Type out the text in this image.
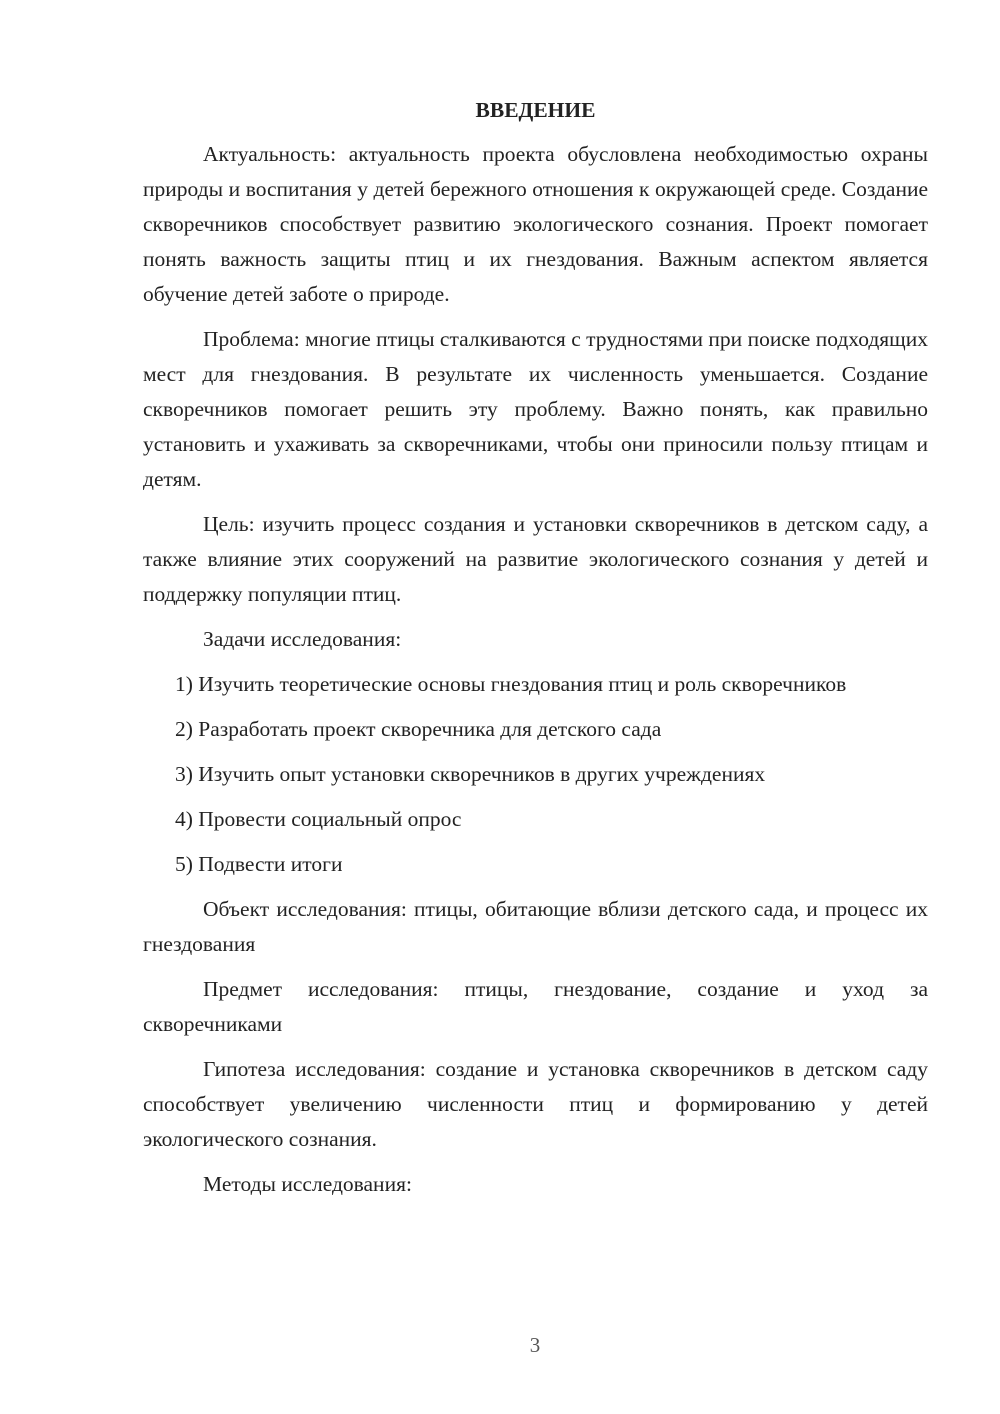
ВВЕДЕНИЕ

Актуальность: актуальность проекта обусловлена необходимостью охраны природы и воспитания у детей бережного отношения к окружающей среде. Создание скворечников способствует развитию экологического сознания. Проект помогает понять важность защиты птиц и их гнездования. Важным аспектом является обучение детей заботе о природе.

Проблема: многие птицы сталкиваются с трудностями при поиске подходящих мест для гнездования. В результате их численность уменьшается. Создание скворечников помогает решить эту проблему. Важно понять, как правильно установить и ухаживать за скворечниками, чтобы они приносили пользу птицам и детям.

Цель: изучить процесс создания и установки скворечников в детском саду, а также влияние этих сооружений на развитие экологического сознания у детей и поддержку популяции птиц.

Задачи исследования:

1) Изучить теоретические основы гнездования птиц и роль скворечников

2) Разработать проект скворечника для детского сада

3) Изучить опыт установки скворечников в других учреждениях

4) Провести социальный опрос

5) Подвести итоги

Объект исследования: птицы, обитающие вблизи детского сада, и процесс их гнездования

Предмет исследования: птицы, гнездование, создание и уход за скворечниками

Гипотеза исследования: создание и установка скворечников в детском саду способствует увеличению численности птиц и формированию у детей экологического сознания.

Методы исследования:

3
